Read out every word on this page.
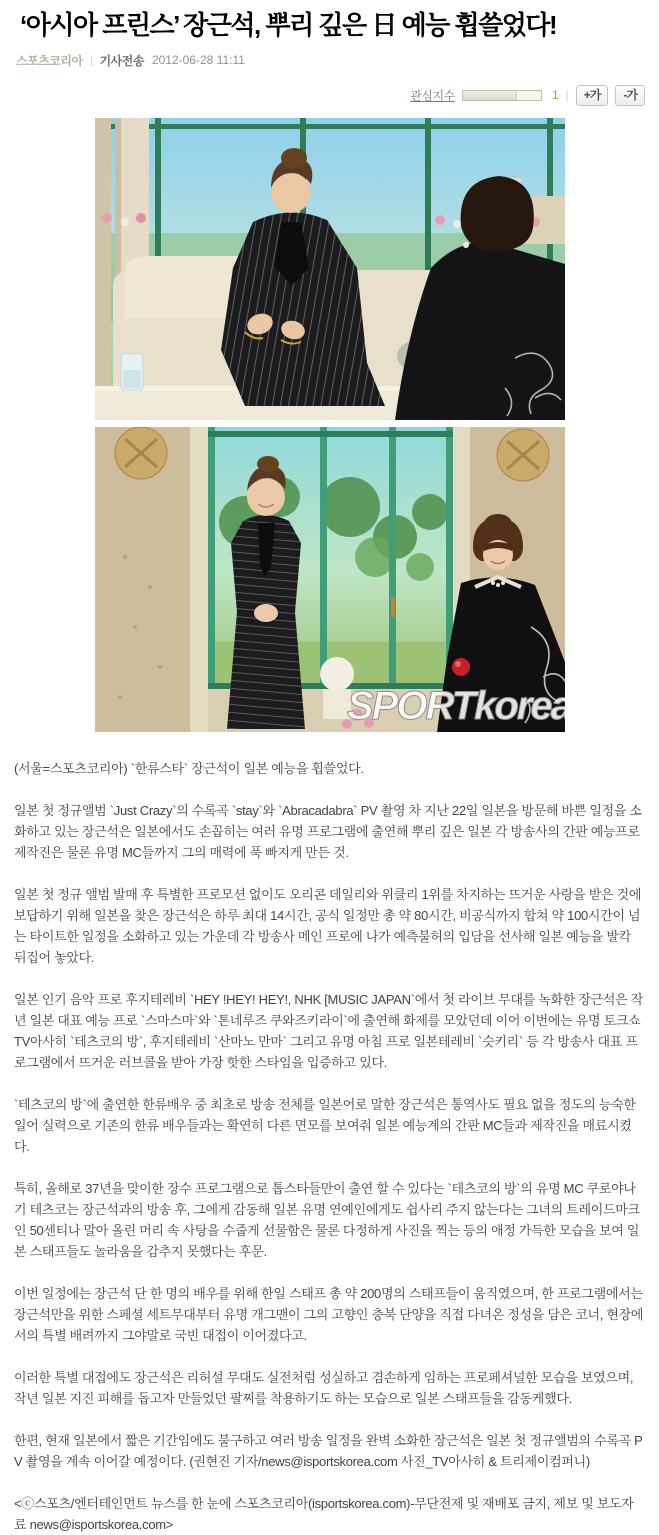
‘아시아 프린스’ 장근석, 뿌리 깊은 日 예능 휩쓸었다!
스포츠코리아 기사전송 2012-06-28 11:11
관심지수	1 |	+가	-가
SPORTkorea

(서울=스포츠코리아) `한류스타` 장근석이 일본 예능을 휩쓸었다.

일본 첫 정규앨범 `Just Crazy`의 수록곡 `stay`와 `Abracadabra` PV 촬영 차 지난 22일 일본을 방문해 바쁜 일정을 소화하고 있는 장근석은 일본에서도 손꼽히는 여러 유명 프로그램에 출연해 뿌리 깊은 일본 각 방송사의 간판 예능프로 제작진은 물론 유명 MC들까지 그의 매력에 푹 빠지게 만든 것.

일본 첫 정규 앨범 발매 후 특별한 프로모션 없이도 오리콘 데일리와 위클리 1위를 차지하는 뜨거운 사랑을 받은 것에 보답하기 위해 일본을 찾은 장근석은 하루 최대 14시간, 공식 일정만 총 약 80시간, 비공식까지 합쳐 약 100시간이 넘는 타이트한 일정을 소화하고 있는 가운데 각 방송사 메인 프로에 나가 예측불허의 입담을 선사해 일본 예능을 발칵 뒤집어 놓았다.

일본 인기 음악 프로 후지테레비 `HEY !HEY! HEY!, NHK [MUSIC JAPAN`에서 첫 라이브 무대를 녹화한 장근석은 작년 일본 대표 예능 프로 `스마스마`와 `톤네루즈 쿠와즈키라이`에 출연해 화제를 모았던데 이어 이번에는 유명 토크쇼 TV아사히 `테츠코의 방`, 후지테레비 `산마노 만마` 그리고 유명 아침 프로 일본테레비 `슷키리` 등 각 방송사 대표 프로그램에서 뜨거운 러브콜을 받아 가장 핫한 스타임을 입증하고 있다.

`테츠코의 방`에 출연한 한류배우 중 최초로 방송 전체를 일본어로 말한 장근석은 통역사도 필요 없을 정도의 능숙한 일어 실력으로 기존의 한류 배우들과는 확연히 다른 면모를 보여줘 일본 예능계의 간판 MC들과 제작진을 매료시켰다.

특히, 올해로 37년을 맞이한 장수 프로그램으로 톱스타들만이 출연 할 수 있다는 `테츠코의 방`의 유명 MC 쿠로야나기 테츠코는 장근석과의 방송 후, 그에게 감동해 일본 유명 연예인에게도 쉽사리 주지 않는다는 그녀의 트레이드마크인 50센티나 말아 올린 머리 속 사탕을 수줍게 선물함은 물론 다정하게 사진을 찍는 등의 애정 가득한 모습을 보여 일본 스태프들도 놀라움을 감추지 못했다는 후문.

이번 일정에는 장근석 단 한 명의 배우를 위해 한일 스태프 총 약 200명의 스태프들이 움직였으며, 한 프로그램에서는 장근석만을 위한 스페셜 세트무대부터 유명 개그맨이 그의 고향인 충북 단양을 직접 다녀온 정성을 담은 코너, 현장에서의 특별 배려까지 그야말로 국빈 대접이 이어졌다고.

이러한 특별 대접에도 장근석은 리허설 무대도 실전처럼 성실하고 겸손하게 임하는 프로페셔널한 모습을 보였으며, 작년 일본 지진 피해를 돕고자 만들었던 팔찌를 착용하기도 하는 모습으로 일본 스태프들을 감동케했다.

한편, 현재 일본에서 짧은 기간임에도 불구하고 여러 방송 일정을 완벽 소화한 장근석은 일본 첫 정규앨범의 수록곡 PV 촬영을 계속 이어갈 예정이다. (권현진 기자/news@isportskorea.com 사진_TV아사히 & 트리제이컴퍼니)

<ⓒ스포츠/엔터테인먼트 뉴스를 한 눈에 스포츠코리아(isportskorea.com)-무단전제 및 재배포 금지, 제보 및 보도자료 news@isportskorea.com>
